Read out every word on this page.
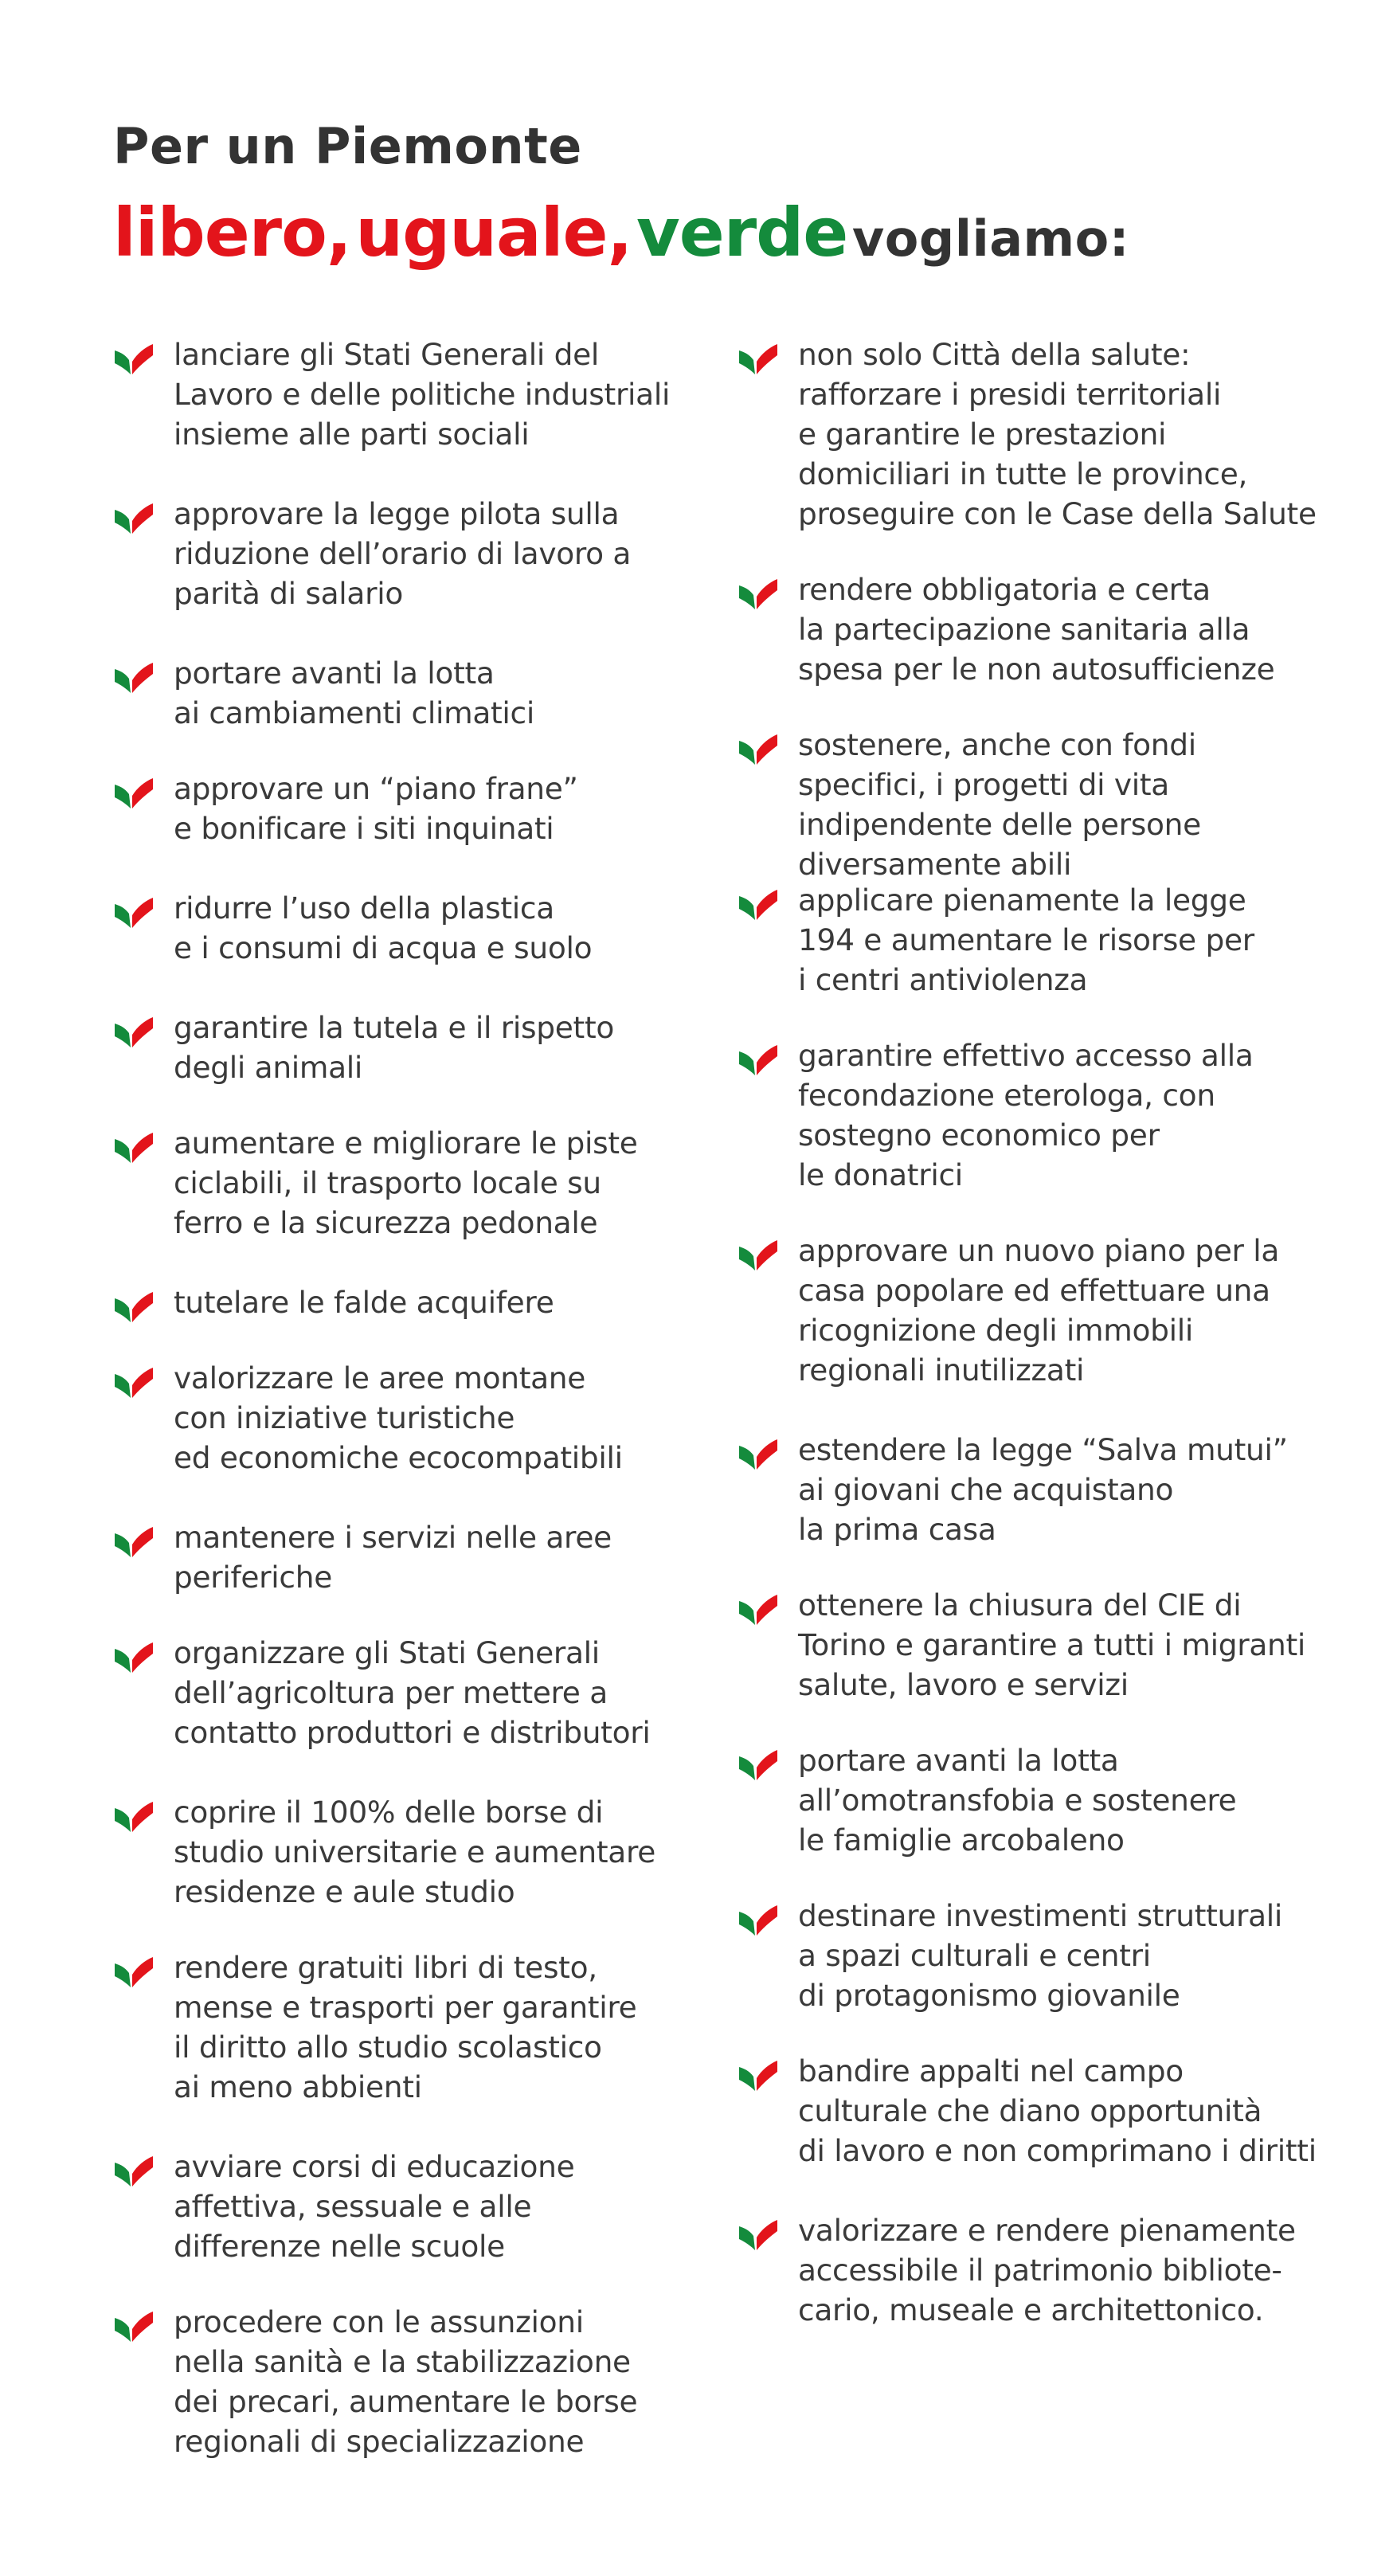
Per un Piemonte
libero, uguale, verde vogliamo:
lanciare gli Stati Generali del
Lavoro e delle politiche industriali
insieme alle parti sociali
approvare la legge pilota sulla
riduzione dell’orario di lavoro a
parità di salario
portare avanti la lotta
ai cambiamenti climatici
approvare un “piano frane”
e bonificare i siti inquinati
ridurre l’uso della plastica
e i consumi di acqua e suolo
garantire la tutela e il rispetto
degli animali
aumentare e migliorare le piste
ciclabili, il trasporto locale su
ferro e la sicurezza pedonale
tutelare le falde acquifere
valorizzare le aree montane
con iniziative turistiche
ed economiche ecocompatibili
mantenere i servizi nelle aree
periferiche
organizzare gli Stati Generali
dell’agricoltura per mettere a
contatto produttori e distributori
coprire il 100% delle borse di
studio universitarie e aumentare
residenze e aule studio
rendere gratuiti libri di testo,
mense e trasporti per garantire
il diritto allo studio scolastico
ai meno abbienti
avviare corsi di educazione
affettiva, sessuale e alle
differenze nelle scuole
procedere con le assunzioni
nella sanità e la stabilizzazione
dei precari, aumentare le borse
regionali di specializzazione
non solo Città della salute:
rafforzare i presidi territoriali
e garantire le prestazioni
domiciliari in tutte le province,
proseguire con le Case della Salute
rendere obbligatoria e certa
la partecipazione sanitaria alla
spesa per le non autosufficienze
sostenere, anche con fondi
specifici, i progetti di vita
indipendente delle persone
diversamente abili
applicare pienamente la legge
194 e aumentare le risorse per
i centri antiviolenza
garantire effettivo accesso alla
fecondazione eterologa, con
sostegno economico per
le donatrici
approvare un nuovo piano per la
casa popolare ed effettuare una
ricognizione degli immobili
regionali inutilizzati
estendere la legge “Salva mutui”
ai giovani che acquistano
la prima casa
ottenere la chiusura del CIE di
Torino e garantire a tutti i migranti
salute, lavoro e servizi
portare avanti la lotta
all’omotransfobia e sostenere
le famiglie arcobaleno
destinare investimenti strutturali
a spazi culturali e centri
di protagonismo giovanile
bandire appalti nel campo
culturale che diano opportunità
di lavoro e non comprimano i diritti
valorizzare e rendere pienamente
accessibile il patrimonio bibliote-
cario, museale e architettonico.
